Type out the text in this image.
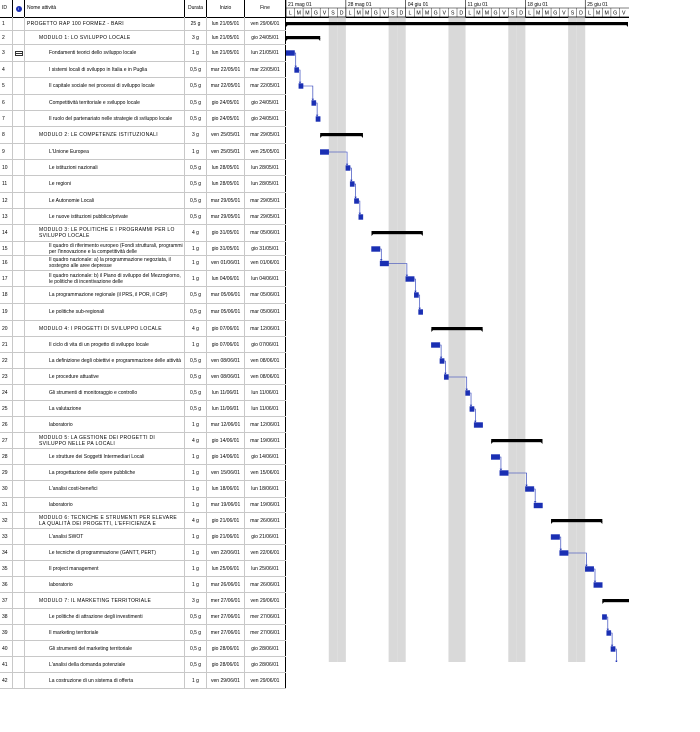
ID	i	Nome attività	Durata	Inizio	Fine
1	PROGETTO RAP 100 FORMEZ - BARI	25 g	lun 21/05/01	ven 29/06/01
2	MODULO 1: LO SVILUPPO LOCALE	3 g	lun 21/05/01	gio 24/05/01
3	Fondamenti teorici dello sviluppo locale	1 g	lun 21/05/01	lun 21/05/01
4	I sistemi locali di sviluppo in Italia e in Puglia	0,5 g	mar 22/05/01	mar 22/05/01
5	Il capitale sociale nei processi di sviluppo locale	0,5 g	mar 22/05/01	mar 22/05/01
6	Competitività territoriale e sviluppo locale	0,5 g	gio 24/05/01	gio 24/05/01
7	Il ruolo del partenariato nelle strategie di sviluppo locale	0,5 g	gio 24/05/01	gio 24/05/01
8	MODULO 2: LE COMPETENZE ISTITUZIONALI	3 g	ven 25/05/01	mar 29/05/01
9	L'Unione Europea	1 g	ven 25/05/01	ven 25/05/01
10	Le istituzioni nazionali	0,5 g	lun 28/05/01	lun 28/05/01
11	Le regioni	0,5 g	lun 28/05/01	lun 28/05/01
12	Le Autonomie Locali	0,5 g	mar 29/05/01	mar 29/05/01
13	Le nuove istituzioni pubblico/private	0,5 g	mar 29/05/01	mar 29/05/01
14	MODULO 3: LE POLITICHE E I PROGRAMMI PER LO SVILUPPO LOCALE	4 g	gio 31/05/01	mar 05/06/01
15	Il quadro di riferimento europeo (Fondi strutturali, programmi per l'innovazione e la competitività delle	1 g	gio 31/05/01	gio 31/05/01
16	Il quadro nazionale: a) la programmazione negoziata, il sostegno alle aree depresse	1 g	ven 01/06/01	ven 01/06/01
17	Il quadro nazionale: b) il Piano di sviluppo del Mezzogiorno, le politiche di incentivazione delle	1 g	lun 04/06/01	lun 04/06/01
18	La programmazione regionale (il PRS, il POR, il CdP)	0,5 g	mar 05/06/01	mar 05/06/01
19	Le politiche sub-regionali	0,5 g	mar 05/06/01	mar 05/06/01
20	MODULO 4: I PROGETTI DI SVILUPPO LOCALE	4 g	gio 07/06/01	mar 12/06/01
21	Il ciclo di vita di un progetto di sviluppo locale	1 g	gio 07/06/01	gio 07/06/01
22	La definizione degli obiettivi e programmazione delle attività	0,5 g	ven 08/06/01	ven 08/06/01
23	Le procedure attuative	0,5 g	ven 08/06/01	ven 08/06/01
24	Gli strumenti di monitoraggio e controllo	0,5 g	lun 11/06/01	lun 11/06/01
25	La valutazione	0,5 g	lun 11/06/01	lun 11/06/01
26	laboratorio	1 g	mar 12/06/01	mar 12/06/01
27	MODULO 5: LA GESTIONE DEI PROGETTI DI SVILUPPO NELLE PA LOCALI	4 g	gio 14/06/01	mar 19/06/01
28	Le strutture dei Soggetti Intermediari Locali	1 g	gio 14/06/01	gio 14/06/01
29	La progettazione delle opere pubbliche	1 g	ven 15/06/01	ven 15/06/01
30	L'analisi costi-benefici	1 g	lun 18/06/01	lun 18/06/01
31	laboratorio	1 g	mar 19/06/01	mar 19/06/01
32	MODULO 6: TECNICHE E STRUMENTI PER ELEVARE LA QUALITÀ DEI PROGETTI, L'EFFICIENZA E	4 g	gio 21/06/01	mar 26/06/01
33	L'analisi SWOT	1 g	gio 21/06/01	gio 21/06/01
34	Le tecniche di programmazione (GANTT, PERT)	1 g	ven 22/06/01	ven 22/06/01
35	Il project management	1 g	lun 25/06/01	lun 25/06/01
36	laboratorio	1 g	mar 26/06/01	mar 26/06/01
37	MODULO 7: IL MARKETING TERRITORIALE	3 g	mer 27/06/01	ven 29/06/01
38	Le politiche di attrazione degli investimenti	0,5 g	mer 27/06/01	mer 27/06/01
39	Il marketing territoriale	0,5 g	mer 27/06/01	mer 27/06/01
40	Gli strumenti del marketing territoriale	0,5 g	gio 28/06/01	gio 28/06/01
41	L'analisi della domanda potenziale	0,5 g	gio 28/06/01	gio 28/06/01
42	La costruzione di un sistema di offerta	1 g	ven 29/06/01	ven 29/06/01
21 mag 01	28 mag 01	04 giu 01	11 giu 01	18 giu 01	25 giu 01
L M M G V S D L M M G V S D L M M G V S D L M M G V S D L M M G V S D L M M G V
